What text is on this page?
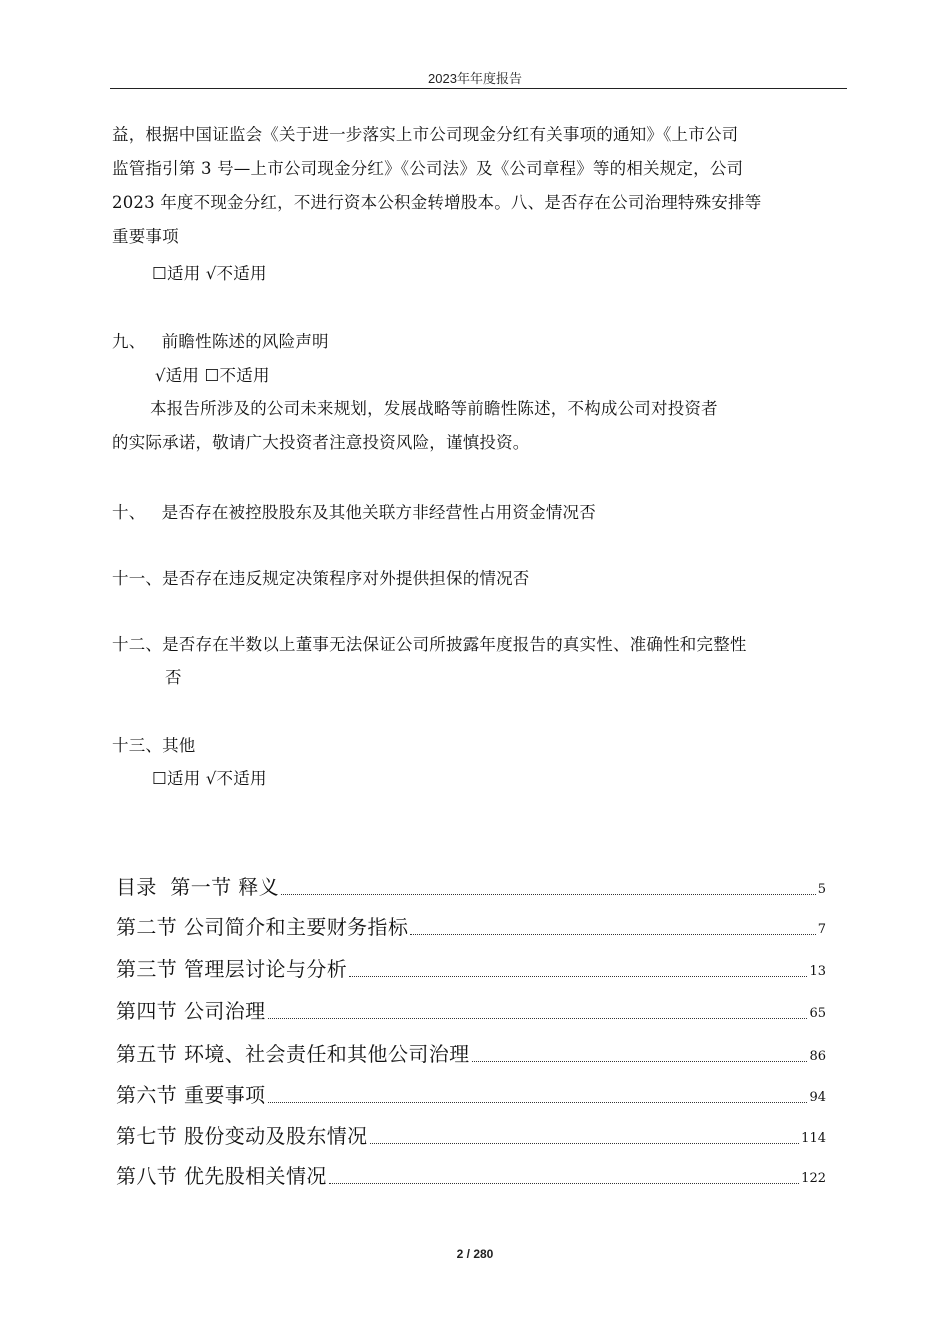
2023年年度报告

益，根据中国证监会《关于进一步落实上市公司现金分红有关事项的通知》《上市公司

监管指引第 3 号—上市公司现金分红》《公司法》及《公司章程》等的相关规定，公司

2023 年度不现金分红，不进行资本公积金转增股本。八、是否存在公司治理特殊安排等

重要事项

☐适用 √不适用
九、   前瞻性陈述的风险声明
√适用 ☐不适用
本报告所涉及的公司未来规划，发展战略等前瞻性陈述，不构成公司对投资者
的实际承诺，敬请广大投资者注意投资风险，谨慎投资。
十、   是否存在被控股股东及其他关联方非经营性占用资金情况否
十一、是否存在违反规定决策程序对外提供担保的情况否
十二、是否存在半数以上董事无法保证公司所披露年度报告的真实性、准确性和完整性
否
十三、其他
☐适用 √不适用
目录  第一节 释义	5
第二节 公司简介和主要财务指标	7
第三节 管理层讨论与分析	13
第四节 公司治理	65
第五节 环境、社会责任和其他公司治理	86
第六节 重要事项	94
第七节 股份变动及股东情况	114
第八节 优先股相关情况	122
2 / 280
